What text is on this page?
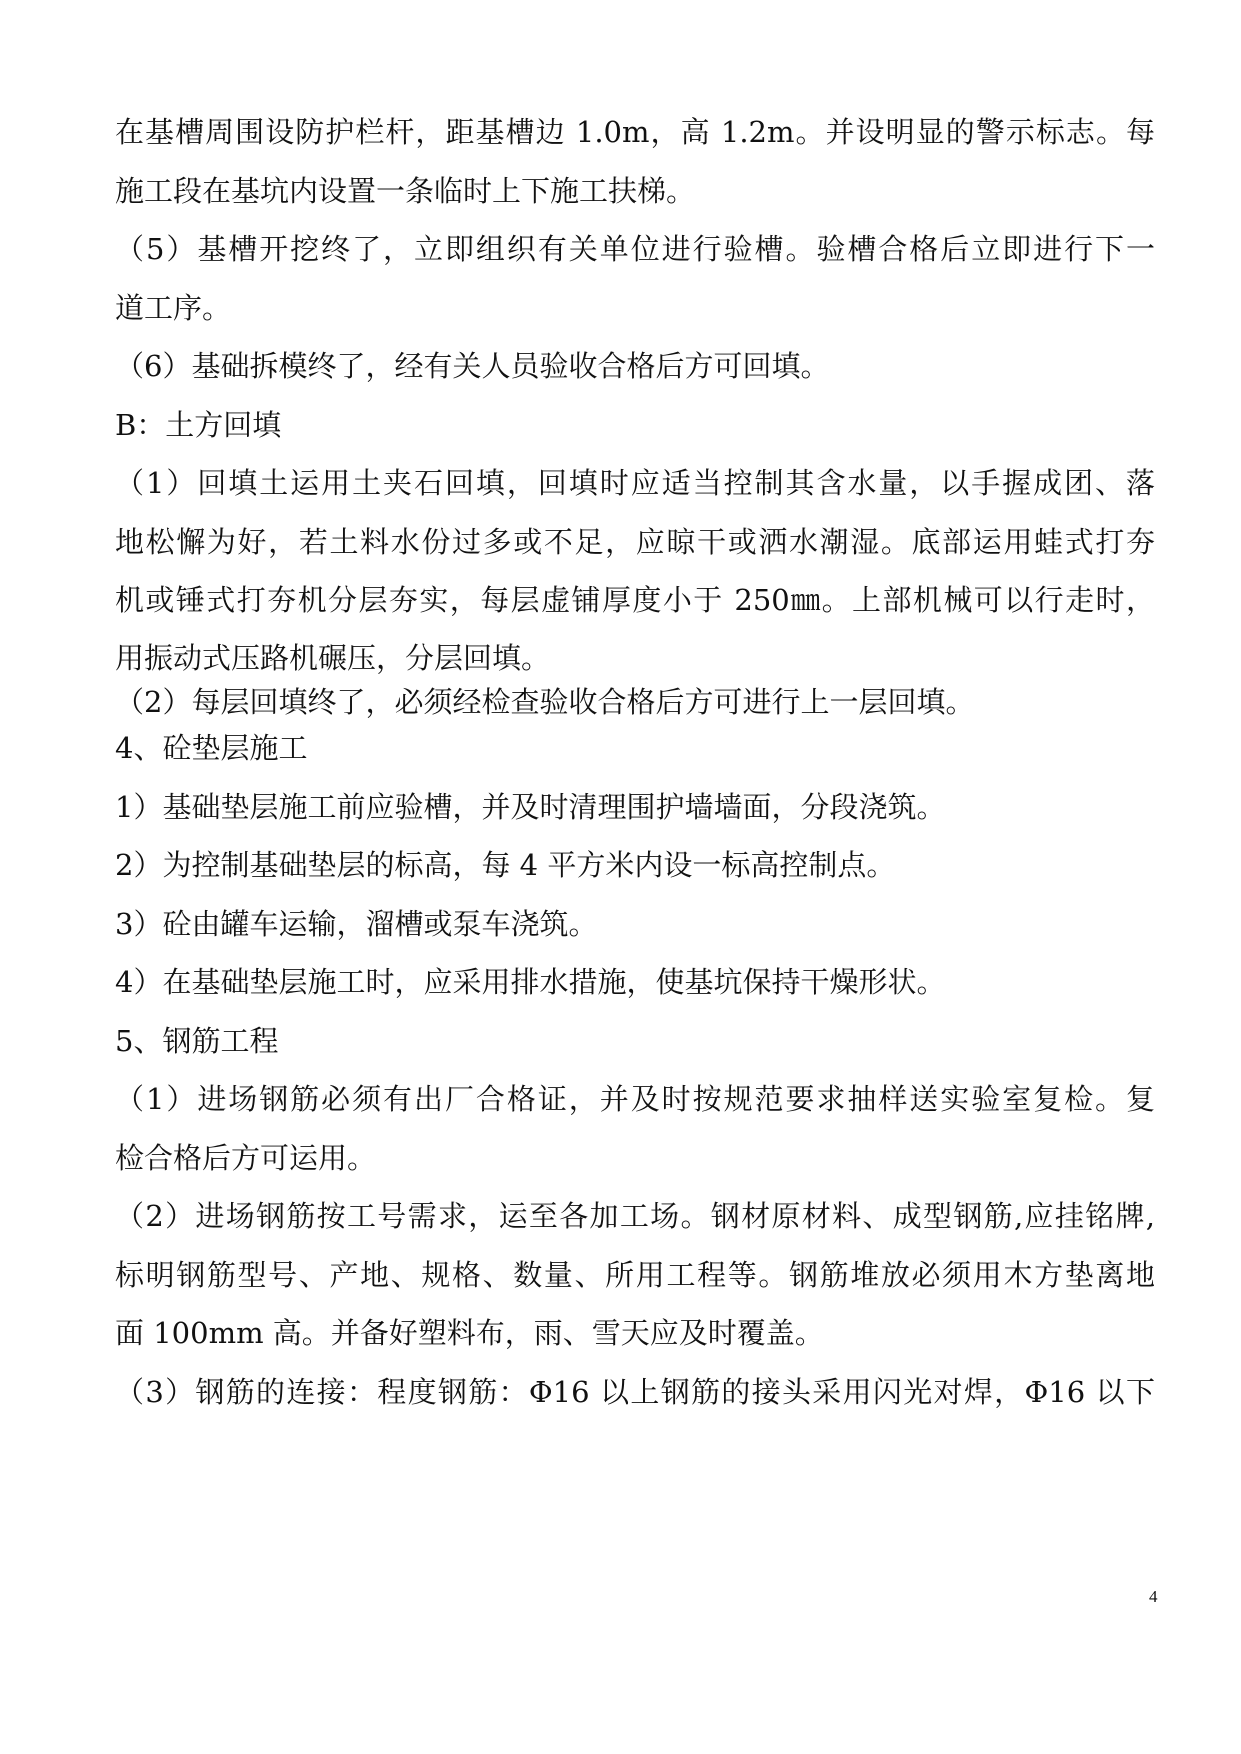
在基槽周围设防护栏杆，距基槽边 1.0m，高 1.2m。并设明显的警示标志。每
施工段在基坑内设置一条临时上下施工扶梯。
（5）基槽开挖终了，立即组织有关单位进行验槽。验槽合格后立即进行下一
道工序。
（6）基础拆模终了，经有关人员验收合格后方可回填。
B：土方回填
（1）回填土运用土夹石回填，回填时应适当控制其含水量，以手握成团、落
地松懈为好，若土料水份过多或不足，应晾干或洒水潮湿。底部运用蛙式打夯
机或锤式打夯机分层夯实，每层虚铺厚度小于 250㎜。上部机械可以行走时，
用振动式压路机碾压，分层回填。
（2）每层回填终了，必须经检查验收合格后方可进行上一层回填。
4、砼垫层施工
1）基础垫层施工前应验槽，并及时清理围护墙墙面，分段浇筑。
2）为控制基础垫层的标高，每 4 平方米内设一标高控制点。
3）砼由罐车运输，溜槽或泵车浇筑。
4）在基础垫层施工时，应采用排水措施，使基坑保持干燥形状。
5、钢筋工程
（1）进场钢筋必须有出厂合格证，并及时按规范要求抽样送实验室复检。复
检合格后方可运用。
（2）进场钢筋按工号需求，运至各加工场。钢材原材料、成型钢筋,应挂铭牌,
标明钢筋型号、产地、规格、数量、所用工程等。钢筋堆放必须用木方垫离地
面 100mm 高。并备好塑料布，雨、雪天应及时覆盖。
（3）钢筋的连接：程度钢筋：Φ16 以上钢筋的接头采用闪光对焊，Φ16 以下
4
